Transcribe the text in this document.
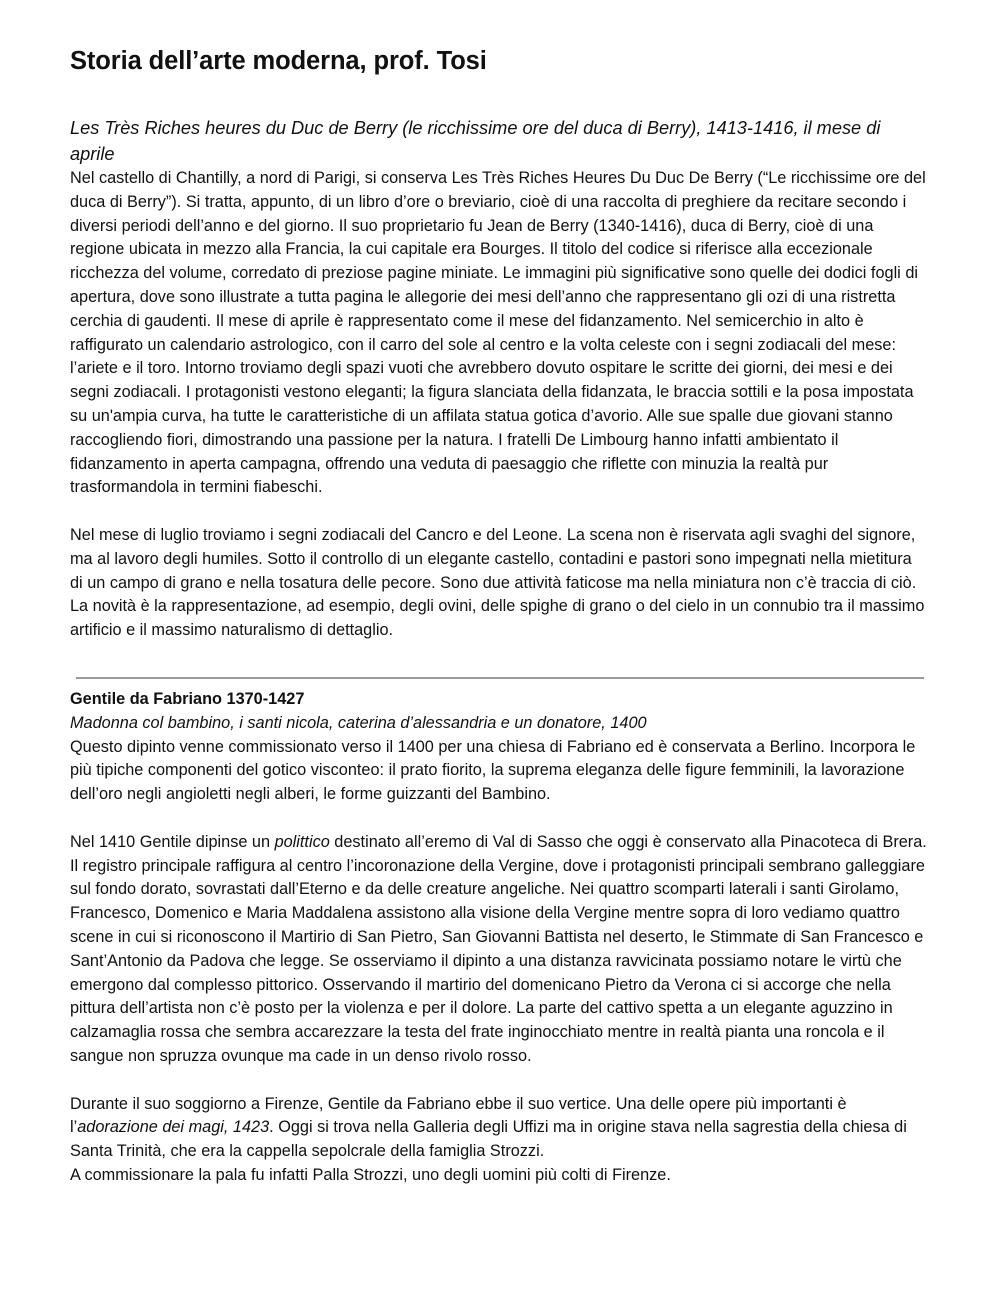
Storia dell’arte moderna, prof. Tosi

Les Très Riches heures du Duc de Berry (le ricchissime ore del duca di Berry), 1413-1416, il mese di aprile

Nel castello di Chantilly, a nord di Parigi, si conserva Les Très Riches Heures Du Duc De Berry (“Le ricchissime ore del duca di Berry”). Si tratta, appunto, di un libro d’ore o breviario, cioè di una raccolta di preghiere da recitare secondo i diversi periodi dell’anno e del giorno. Il suo proprietario fu Jean de Berry (1340-1416), duca di Berry, cioè di una regione ubicata in mezzo alla Francia, la cui capitale era Bourges. Il titolo del codice si riferisce alla eccezionale ricchezza del volume, corredato di preziose pagine miniate. Le immagini più significative sono quelle dei dodici fogli di apertura, dove sono illustrate a tutta pagina le allegorie dei mesi dell’anno che rappresentano gli ozi di una ristretta cerchia di gaudenti. Il mese di aprile è rappresentato come il mese del fidanzamento. Nel semicerchio in alto è raffigurato un calendario astrologico, con il carro del sole al centro e la volta celeste con i segni zodiacali del mese: l’ariete e il toro. Intorno troviamo degli spazi vuoti che avrebbero dovuto ospitare le scritte dei giorni, dei mesi e dei segni zodiacali. I protagonisti vestono eleganti; la figura slanciata della fidanzata, le braccia sottili e la posa impostata su un'ampia curva, ha tutte le caratteristiche di un affilata statua gotica d’avorio. Alle sue spalle due giovani stanno raccogliendo fiori, dimostrando una passione per la natura. I fratelli De Limbourg hanno infatti ambientato il fidanzamento in aperta campagna, offrendo una veduta di paesaggio che riflette con minuzia la realtà pur trasformandola in termini fiabeschi.

Nel mese di luglio troviamo i segni zodiacali del Cancro e del Leone. La scena non è riservata agli svaghi del signore, ma al lavoro degli humiles. Sotto il controllo di un elegante castello, contadini e pastori sono impegnati nella mietitura di un campo di grano e nella tosatura delle pecore. Sono due attività faticose ma nella miniatura non c’è traccia di ciò. La novità è la rappresentazione, ad esempio, degli ovini, delle spighe di grano o del cielo in un connubio tra il massimo artificio e il massimo naturalismo di dettaglio.

Gentile da Fabriano 1370-1427

Madonna col bambino, i santi nicola, caterina d’alessandria e un donatore, 1400

Questo dipinto venne commissionato verso il 1400 per una chiesa di Fabriano ed è conservata a Berlino. Incorpora le più tipiche componenti del gotico visconteo: il prato fiorito, la suprema eleganza delle figure femminili, la lavorazione dell’oro negli angioletti negli alberi, le forme guizzanti del Bambino.

Nel 1410 Gentile dipinse un polittico destinato all’eremo di Val di Sasso che oggi è conservato alla Pinacoteca di Brera. Il registro principale raffigura al centro l’incoronazione della Vergine, dove i protagonisti principali sembrano galleggiare sul fondo dorato, sovrastati dall’Eterno e da delle creature angeliche. Nei quattro scomparti laterali i santi Girolamo, Francesco, Domenico e Maria Maddalena assistono alla visione della Vergine mentre sopra di loro vediamo quattro scene in cui si riconoscono il Martirio di San Pietro, San Giovanni Battista nel deserto, le Stimmate di San Francesco e Sant’Antonio da Padova che legge. Se osserviamo il dipinto a una distanza ravvicinata possiamo notare le virtù che emergono dal complesso pittorico. Osservando il martirio del domenicano Pietro da Verona ci si accorge che nella pittura dell’artista non c’è posto per la violenza e per il dolore. La parte del cattivo spetta a un elegante aguzzino in calzamaglia rossa che sembra accarezzare la testa del frate inginocchiato mentre in realtà pianta una roncola e il sangue non spruzza ovunque ma cade in un denso rivolo rosso.

Durante il suo soggiorno a Firenze, Gentile da Fabriano ebbe il suo vertice. Una delle opere più importanti è l’adorazione dei magi, 1423. Oggi si trova nella Galleria degli Uffizi ma in origine stava nella sagrestia della chiesa di Santa Trinità, che era la cappella sepolcrale della famiglia Strozzi.

A commissionare la pala fu infatti Palla Strozzi, uno degli uomini più colti di Firenze.
